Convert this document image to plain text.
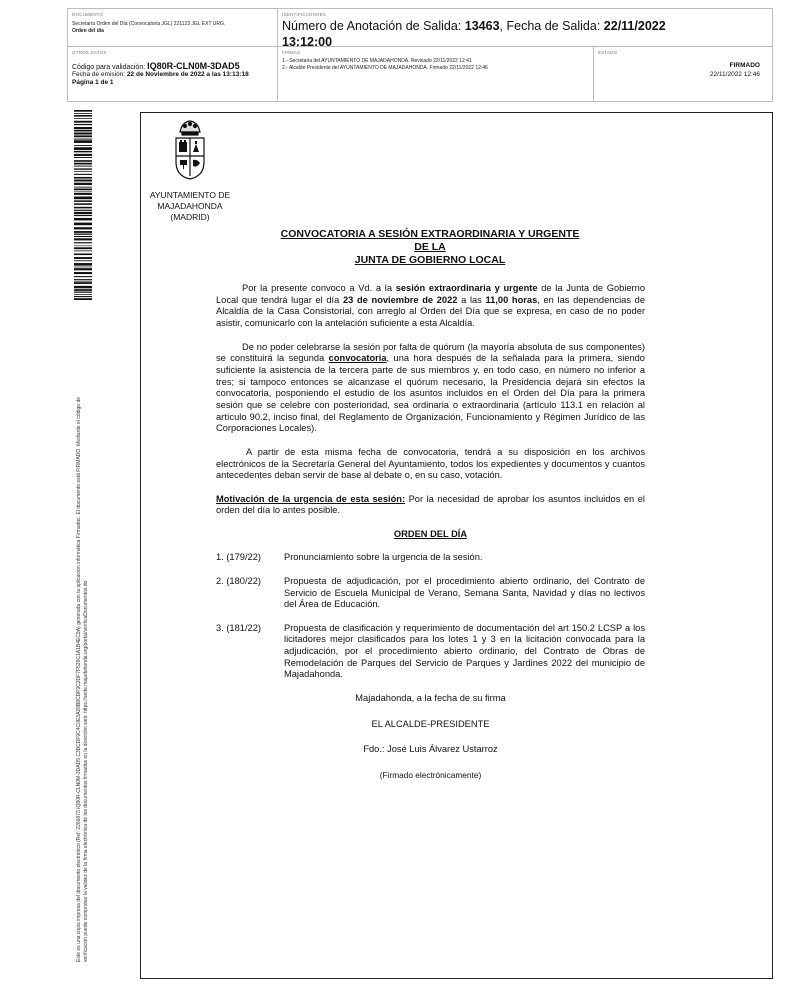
DOCUMENTO
Secretaría Orden del Día (Convocatoria JGL) 221123 JGL EXT URG.
Orden del día
IDENTIFICADORES
Número de Anotación de Salida: 13463, Fecha de Salida: 22/11/2022
13:12:00
OTROS DATOS
Código para validación: IQ80R-CLN0M-3DAD5
Fecha de emisión: 22 de Noviembre de 2022 a las 13:13:18
Página 1 de 1
FIRMAS
1.- Secretaria del AYUNTAMIENTO DE MAJADAHONDA. Revisado 22/11/2022 12:41
2.- Alcalde Presidente del AYUNTAMIENTO DE MAJADAHONDA. Firmado 22/11/2022 12:46
ESTADO
FIRMADO
22/11/2022 12:46
Este es una copia impresa del documento electrónico (Ref: 2266873 IQ80R-CLN0M-3DAD5 C3BCDF9C4C0E3A29B8CDF9C2DF7F535C1A1B4EC9A) generada con la aplicación informática Firmadoc. El documento está FIRMADO. Mediante el código de verificación puede comprobar la validez de la firma electrónica de los documentos firmados en la dirección web: https://sede.majadahonda.org/portal/verificaDocumentos.do
AYUNTAMIENTO DE
MAJADAHONDA
(MADRID)
CONVOCATORIA A SESIÓN EXTRAORDINARIA Y URGENTE
DE LA
JUNTA DE GOBIERNO LOCAL

Por la presente convoco a Vd. a la sesión extraordinaria y urgente de la Junta de Gobierno Local que tendrá lugar el día 23 de noviembre de 2022 a las 11,00 horas, en las dependencias de Alcaldía de la Casa Consistorial, con arreglo al Orden del Día que se expresa, en caso de no poder asistir, comunicarlo con la antelación suficiente a esta Alcaldía.

De no poder celebrarse la sesión por falta de quórum (la mayoría absoluta de sus componentes) se constituirá la segunda convocatoria, una hora después de la señalada para la primera, siendo suficiente la asistencia de la tercera parte de sus miembros y, en todo caso, en número no inferior a tres; si tampoco entonces se alcanzase el quórum necesario, la Presidencia dejará sin efectos la convocatoria, posponiendo el estudio de los asuntos incluidos en el Orden del Día para la primera sesión que se celebre con posterioridad, sea ordinaria o extraordinaria (artículo 113.1 en relación al artículo 90.2, inciso final, del Reglamento de Organización, Funcionamiento y Régimen Jurídico de las Corporaciones Locales).

A partir de esta misma fecha de convocatoria, tendrá a su disposición en los archivos electrónicos de la Secretaría General del Ayuntamiento, todos los expedientes y documentos y cuantos antecedentes deban servir de base al debate o, en su caso, votación.

Motivación de la urgencia de esta sesión: Por la necesidad de aprobar los asuntos incluidos en el orden del día lo antes posible.

ORDEN DEL DÍA

1. (179/22)	Pronunciamiento sobre la urgencia de la sesión.
2. (180/22)	Propuesta de adjudicación, por el procedimiento abierto ordinario, del Contrato de Servicio de Escuela Municipal de Verano, Semana Santa, Navidad y días no lectivos del Área de Educación.
3. (181/22)	Propuesta de clasificación y requerimiento de documentación del art 150.2 LCSP a los licitadores mejor clasificados para los lotes 1 y 3 en la licitación convocada para la adjudicación, por el procedimiento abierto ordinario, del Contrato de Obras de Remodelación de Parques del Servicio de Parques y Jardines 2022 del municipio de Majadahonda.

Majadahonda, a la fecha de su firma

EL ALCALDE-PRESIDENTE

Fdo.: José Luis Álvarez Ustarroz

(Firmado electrónicamente)
